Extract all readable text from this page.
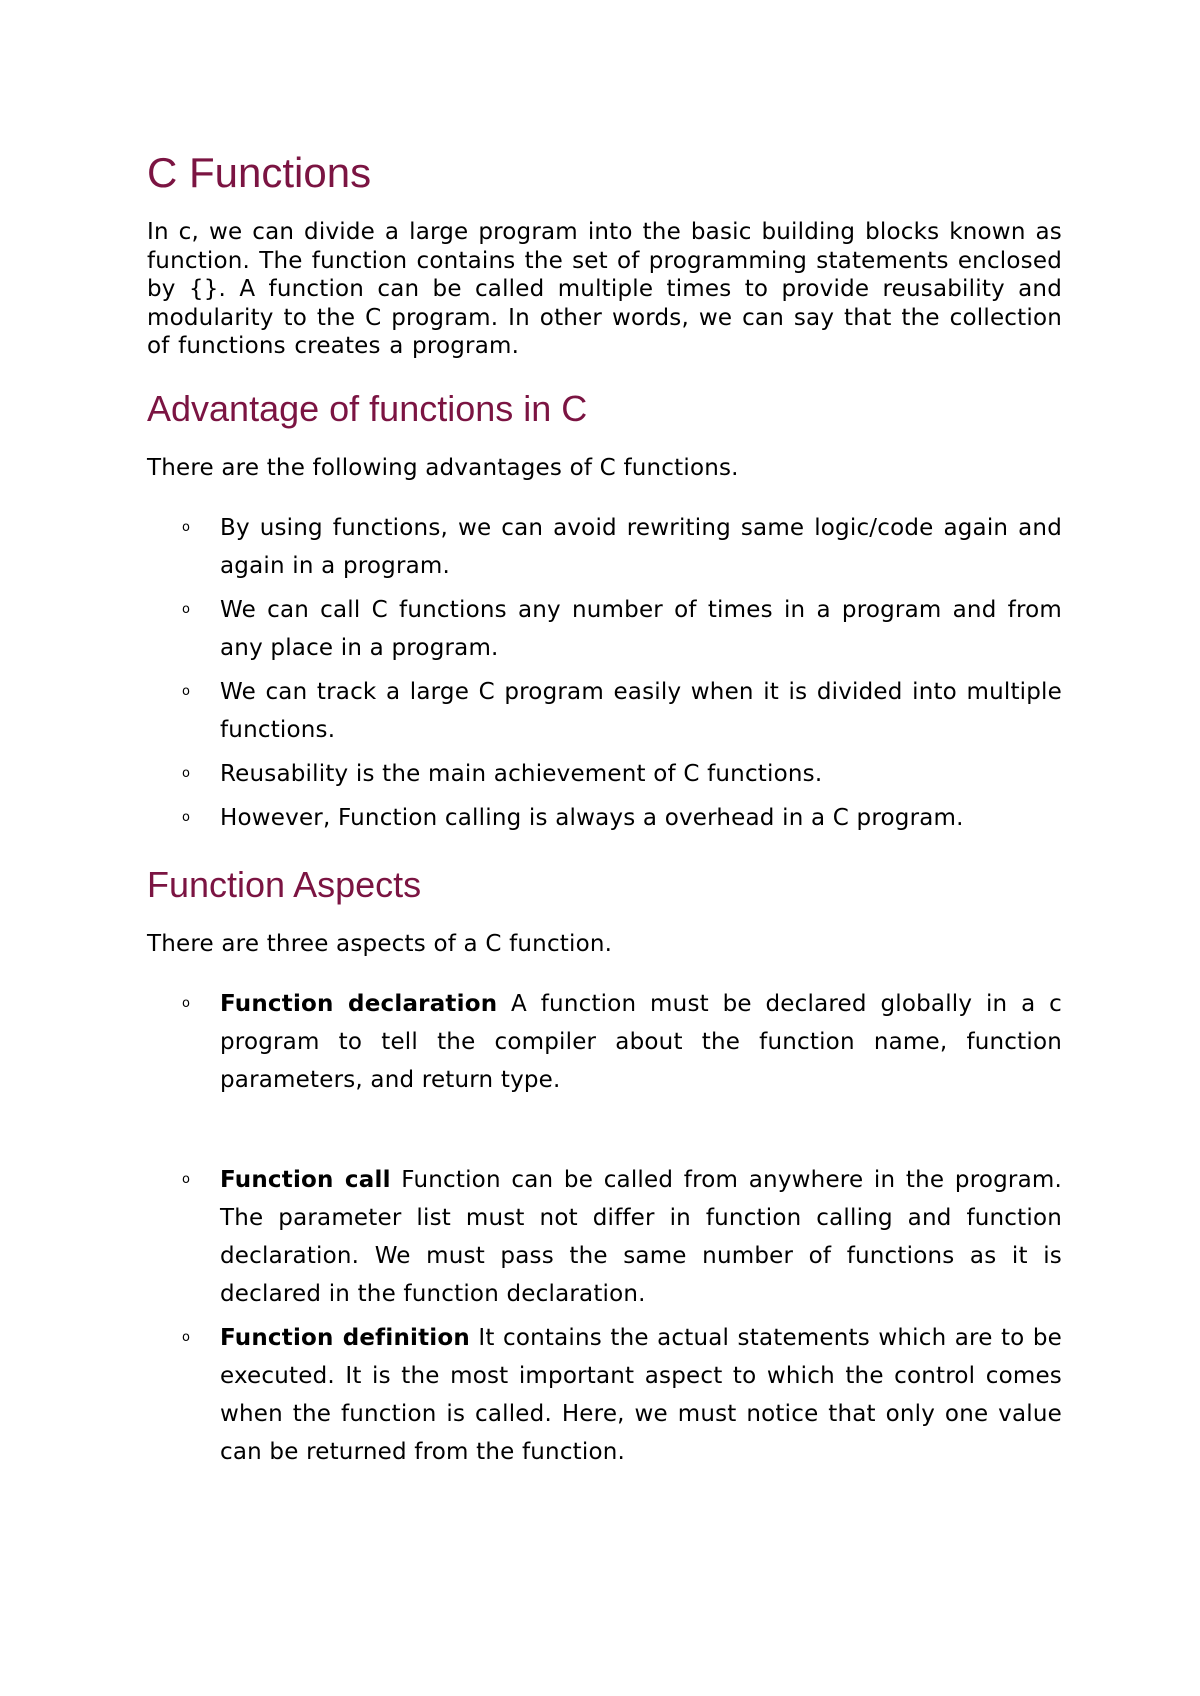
C Functions

In c, we can divide a large program into the basic building blocks known as function. The function contains the set of programming statements enclosed by {}. A function can be called multiple times to provide reusability and modularity to the C program. In other words, we can say that the collection of functions creates a program.

Advantage of functions in C

There are the following advantages of C functions.

o By using functions, we can avoid rewriting same logic/code again and again in a program.
o We can call C functions any number of times in a program and from any place in a program.
o We can track a large C program easily when it is divided into multiple functions.
o Reusability is the main achievement of C functions.
o However, Function calling is always a overhead in a C program.
Function Aspects

There are three aspects of a C function.

o Function declaration A function must be declared globally in a c program to tell the compiler about the function name, function parameters, and return type.
o Function call Function can be called from anywhere in the program. The parameter list must not differ in function calling and function declaration. We must pass the same number of functions as it is declared in the function declaration.
o Function definition It contains the actual statements which are to be executed. It is the most important aspect to which the control comes when the function is called. Here, we must notice that only one value can be returned from the function.
